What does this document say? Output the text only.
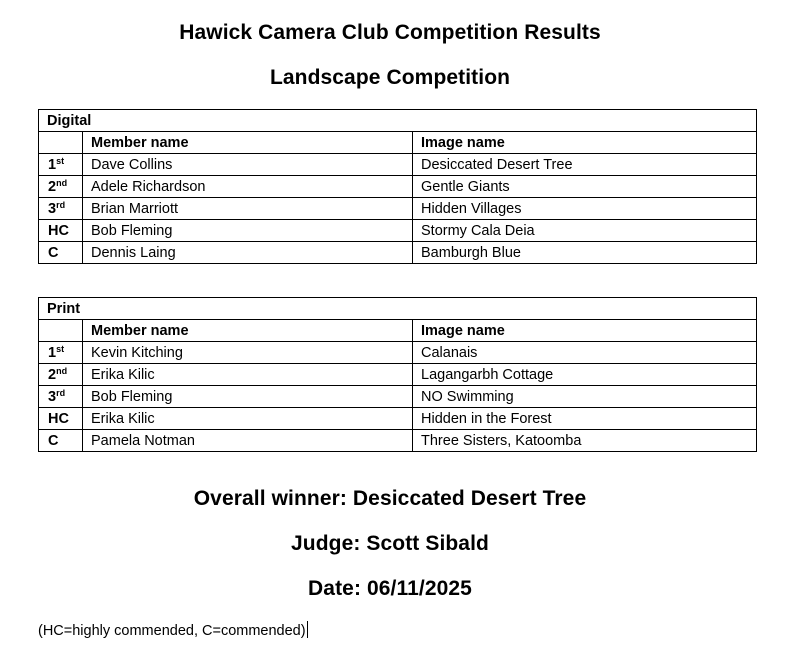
Hawick Camera Club Competition Results
Landscape Competition
Digital		
	Member name	Image name
1st	Dave Collins	Desiccated Desert Tree
2nd	Adele Richardson	Gentle Giants
3rd	Brian Marriott	Hidden Villages
HC	Bob Fleming	Stormy Cala Deia
C	Dennis Laing	Bamburgh Blue
Print		
	Member name	Image name
1st	Kevin Kitching	Calanais
2nd	Erika Kilic	Lagangarbh Cottage
3rd	Bob Fleming	NO Swimming
HC	Erika Kilic	Hidden in the Forest
C	Pamela Notman	Three Sisters, Katoomba
Overall winner: Desiccated Desert Tree
Judge: Scott Sibald
Date: 06/11/2025
(HC=highly commended, C=commended)
